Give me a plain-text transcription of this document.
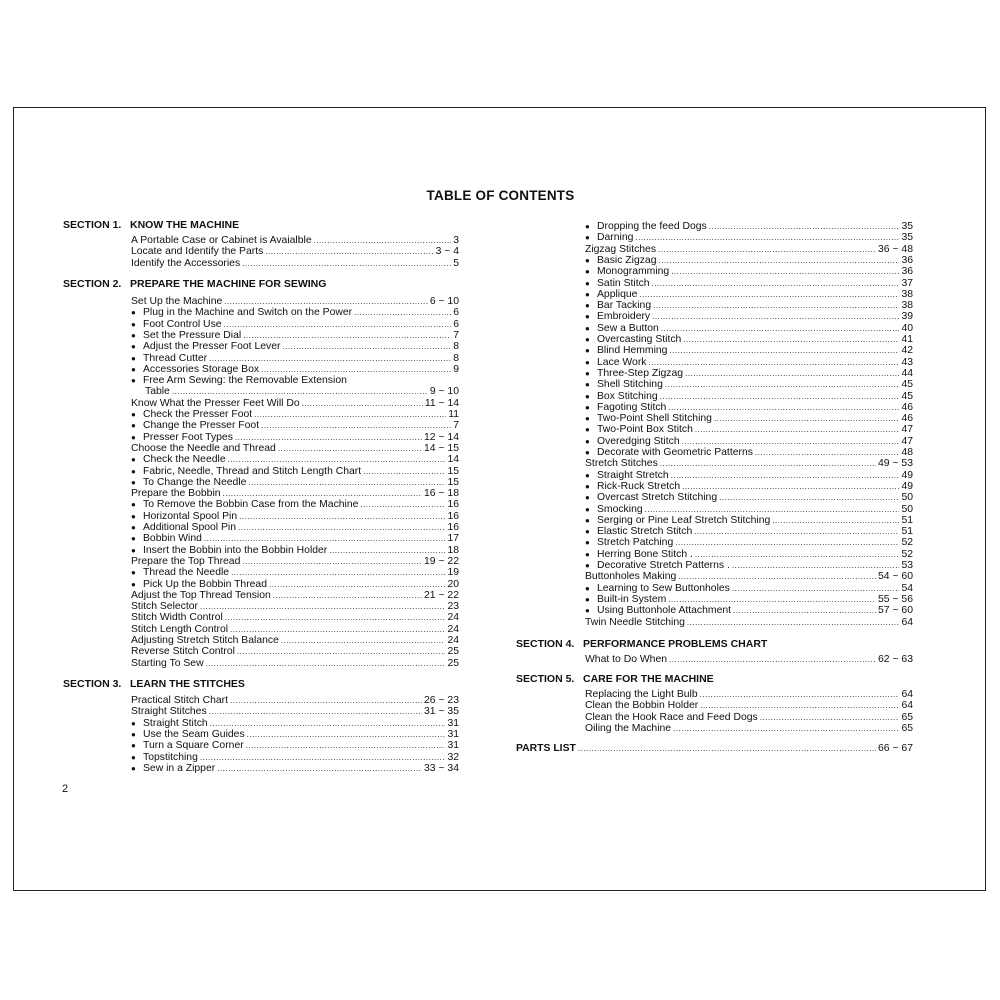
TABLE OF CONTENTS
SECTION 1. KNOW THE MACHINE
A Portable Case or Cabinet is Avaialble .....	3
Locate and Identify the Parts .....	3 ~ 4
Identify the Accessories .....	5
SECTION 2. PREPARE THE MACHINE FOR SEWING
Set Up the Machine .....	6 ~ 10
● Plug in the Machine and Switch on the Power .....	6
● Foot Control Use .....	6
● Set the Pressure Dial .....	7
● Adjust the Presser Foot Lever .....	8
● Thread Cutter .....	8
● Accessories Storage Box .....	9
● Free Arm Sewing: the Removable Extension
Table .....	9 ~ 10
Know What the Presser Feet Will Do .....	11 ~ 14
● Check the Presser Foot .....	11
● Change the Presser Foot .....	7
● Presser Foot Types .....	12 ~ 14
Choose the Needle and Thread .....	14 ~ 15
● Check the Needle .....	14
● Fabric, Needle, Thread and Stitch Length Chart .....	15
● To Change the Needle .....	15
Prepare the Bobbin .....	16 ~ 18
● To Remove the Bobbin Case from the Machine .....	16
● Horizontal Spool Pin .....	16
● Additional Spool Pin .....	16
● Bobbin Wind .....	17
● Insert the Bobbin into the Bobbin Holder .....	18
Prepare the Top Thread .....	19 ~ 22
● Thread the Needle .....	19
● Pick Up the Bobbin Thread .....	20
Adjust the Top Thread Tension .....	21 ~ 22
Stitch Selector .....	23
Stitch Width Control .....	24
Stitch Length Control .....	24
Adjusting Stretch Stitch Balance .....	24
Reverse Stitch Control .....	25
Starting To Sew .....	25
SECTION 3. LEARN THE STITCHES
Practical Stitch Chart .....	26 ~ 23
Straight Stitches .....	31 ~ 35
● Straight Stitch .....	31
● Use the Seam Guides .....	31
● Turn a Square Corner .....	31
● Topstitching .....	32
● Sew in a Zipper .....	33 ~ 34
● Dropping the feed Dogs .....	35
● Darning .....	35
Zigzag Stitches .....	36 ~ 48
● Basic Zigzag .....	36
● Monogramming .....	36
● Satin Stitch .....	37
● Applique .....	38
● Bar Tacking .....	38
● Embroidery .....	39
● Sew a Button .....	40
● Overcasting Stitch .....	41
● Blind Hemming .....	42
● Lace Work .....	43
● Three-Step Zigzag .....	44
● Shell Stitching .....	45
● Box Stitching .....	45
● Fagoting Stitch .....	46
● Two-Point Shell Stitching .....	46
● Two-Point Box Stitch .....	47
● Overedging Stitch .....	47
● Decorate with Geometric Patterns .....	48
Stretch Stitches .....	49 ~ 53
● Straight Stretch .....	49
● Rick-Ruck Stretch .....	49
● Overcast Stretch Stitching .....	50
● Smocking .....	50
● Serging or Pine Leaf Stretch Stitching .....	51
● Elastic Stretch Stitch .....	51
● Stretch Patching .....	52
● Herring Bone Stitch . .....	52
● Decorative Stretch Patterns . .....	53
Buttonholes Making .....	54 ~ 60
● Learning to Sew Buttonholes .....	54
● Built-in System .....	55 ~ 56
● Using Buttonhole Attachment .....	57 ~ 60
Twin Needle Stitching .....	64
SECTION 4. PERFORMANCE PROBLEMS CHART
What to Do When .....	62 ~ 63
SECTION 5. CARE FOR THE MACHINE
Replacing the Light Bulb .....	64
Clean the Bobbin Holder .....	64
Clean the Hook Race and Feed Dogs .....	65
Oiling the Machine .....	65
PARTS LIST .....	66 ~ 67
2
